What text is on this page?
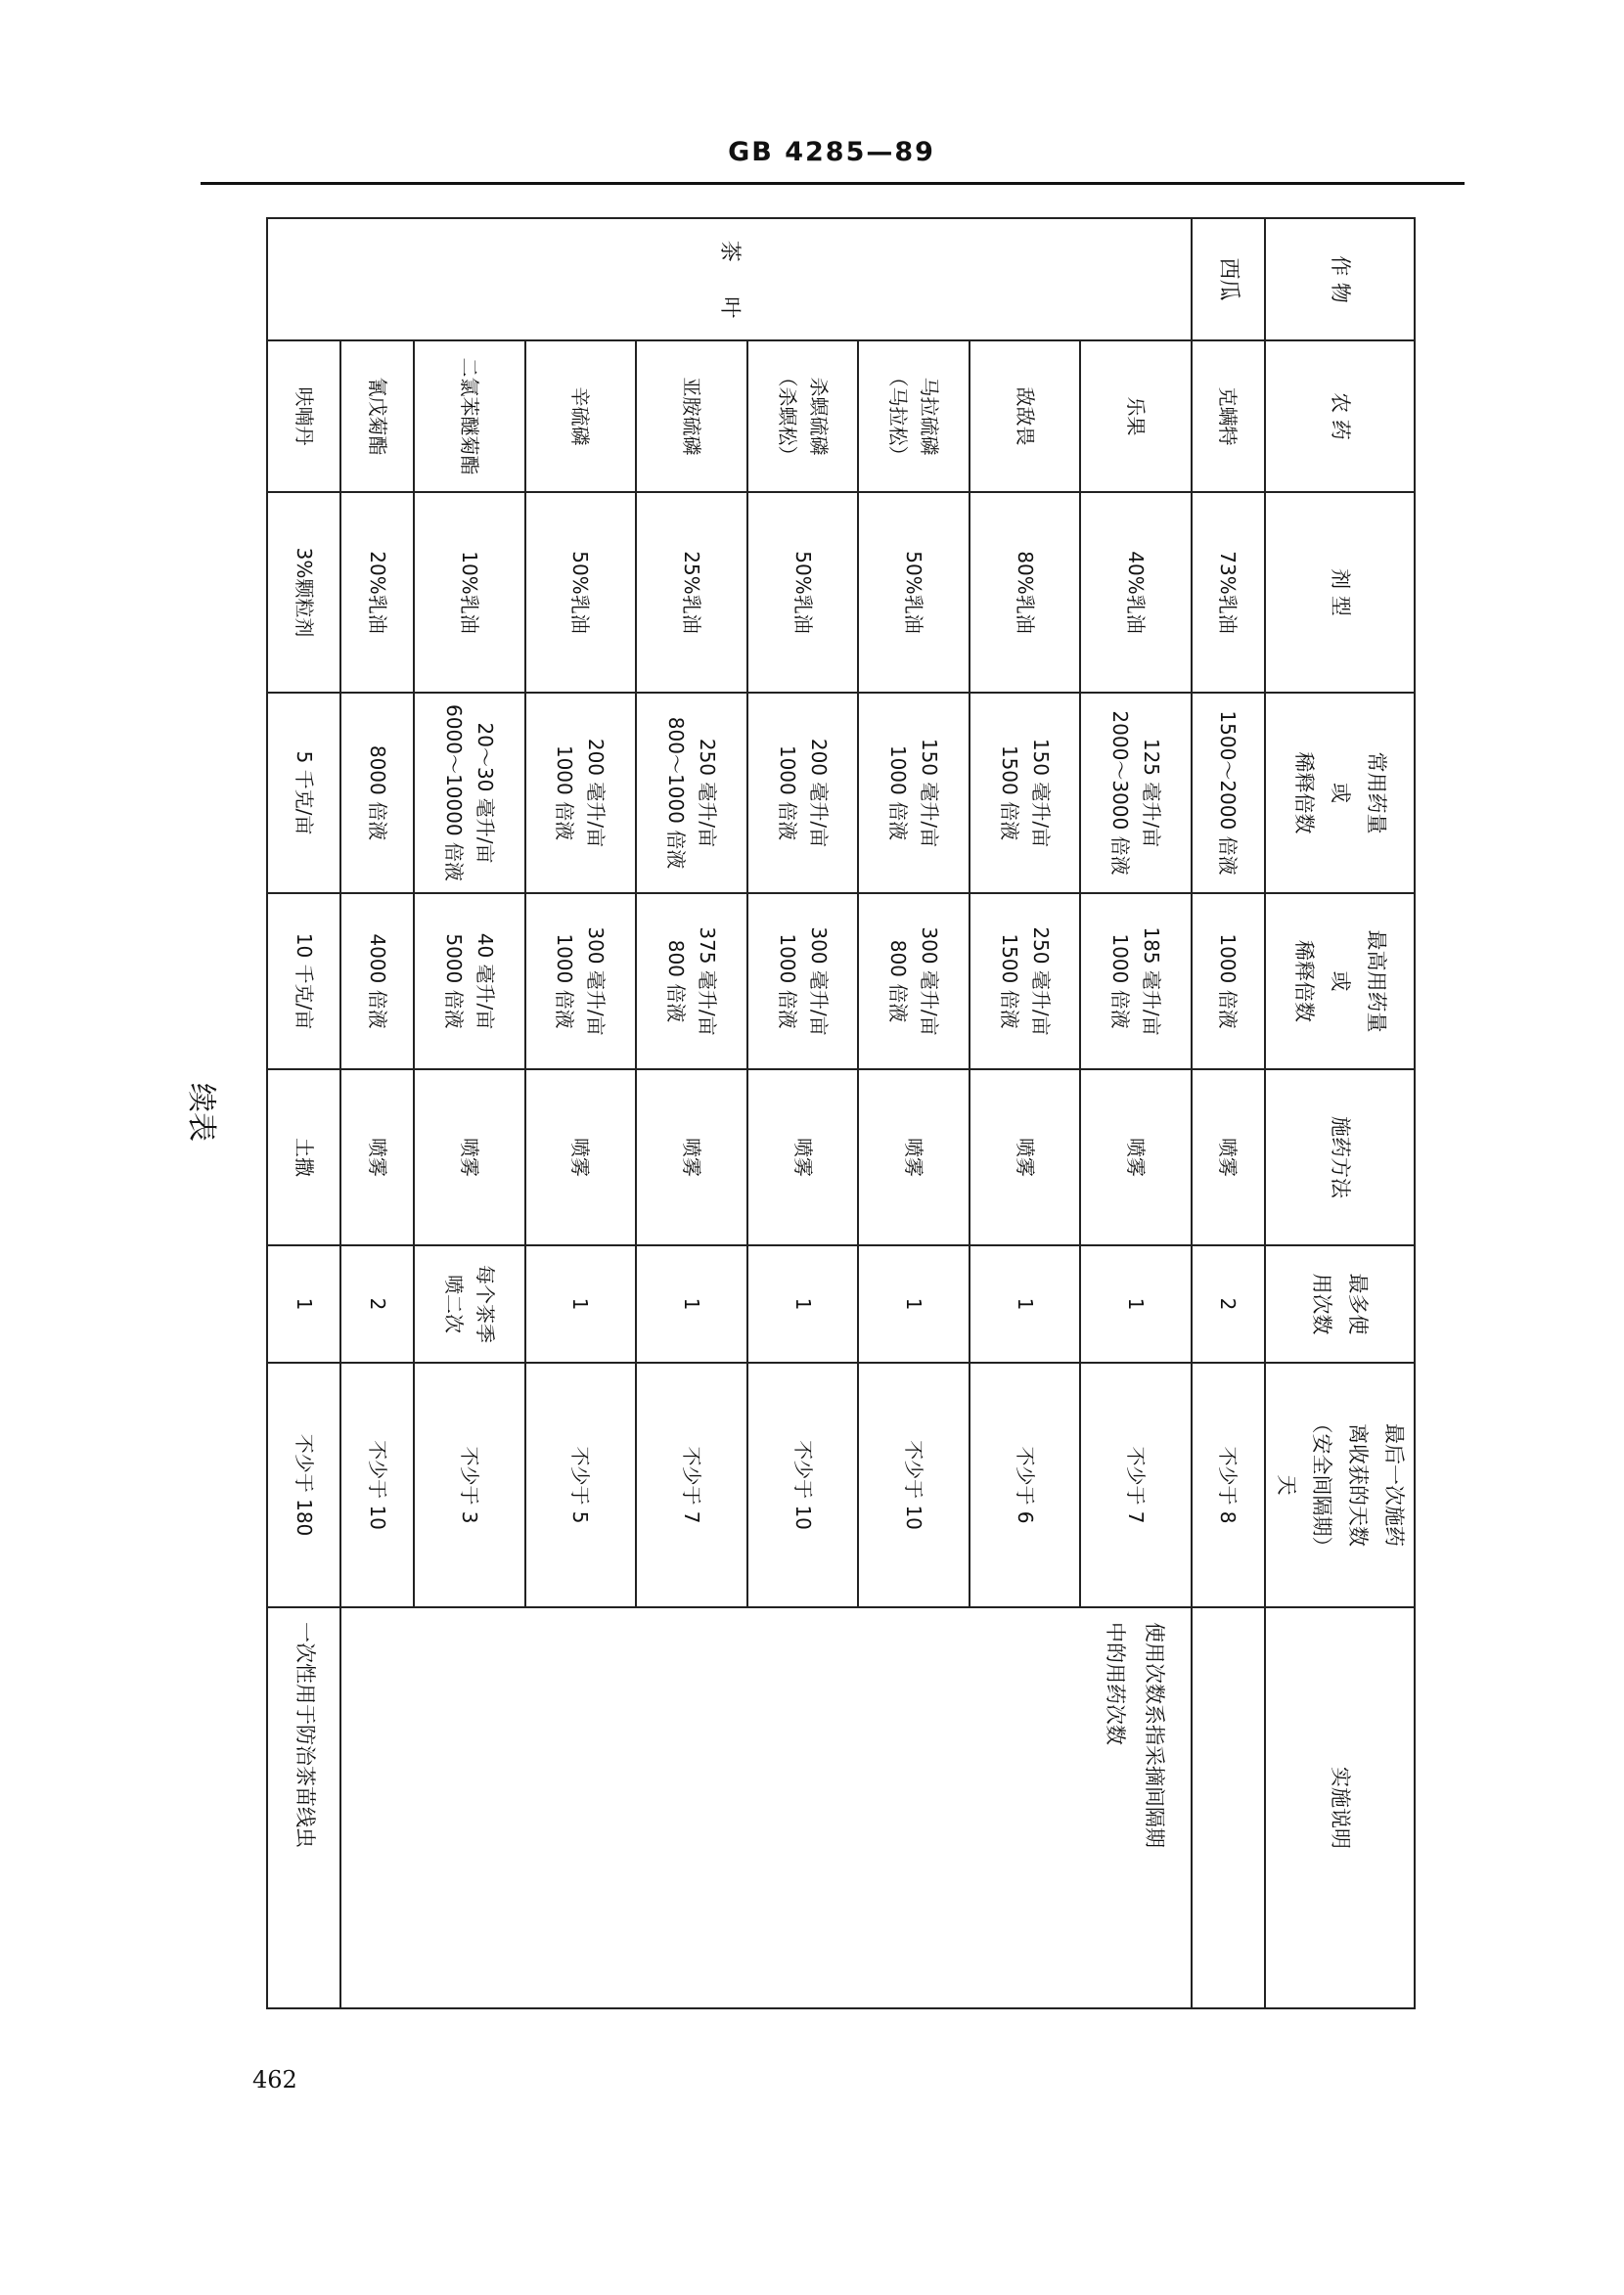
GB 4285—89
作 物	农 药	剂 型	常用药量
或
稀释倍数	最高用药量
或
稀释倍数	施药方法	最多使
用次数	最后一次施药
离收获的天数
（安全间隔期）
天	实施说明
西瓜	克螨特	73%乳油	1500～2000 倍液	1000 倍液	喷雾	2	不少于 8	

茶
叶	乐果	40%乳油	125 毫升/亩
2000～3000 倍液	185 毫升/亩
1000 倍液	喷雾	1	不少于 7	使用次数系指采摘间隔期
中的用药次数

	敌敌畏	80%乳油	150 毫升/亩
1500 倍液	250 毫升/亩
1500 倍液	喷雾	1	不少于 6	

	马拉硫磷
（马拉松）	50%乳油	150 毫升/亩
1000 倍液	300 毫升/亩
800 倍液	喷雾	1	不少于 10	

	杀螟硫磷
（杀螟松）	50%乳油	200 毫升/亩
1000 倍液	300 毫升/亩
1000 倍液	喷雾	1	不少于 10	
	亚胺硫磷	25%乳油	250 毫升/亩
800～1000 倍液	375 毫升/亩
800 倍液	喷雾	1	不少于 7	
	辛硫磷	50%乳油	200 毫升/亩
1000 倍液	300 毫升/亩
1000 倍液	喷雾	1	不少于 5	
	二氯苯醚菊酯	10%乳油	20～30 毫升/亩
6000～10000 倍液	40 毫升/亩
5000 倍液	喷雾	每个茶季
喷二次	不少于 3	
	氰戊菊酯	20%乳油	8000 倍液	4000 倍液	喷雾	2	不少于 10	
	呋喃丹	3%颗粒剂	5 千克/亩	10 千克/亩	土撒	1	不少于 180	一次性用于防治茶苗线虫
续表
462
